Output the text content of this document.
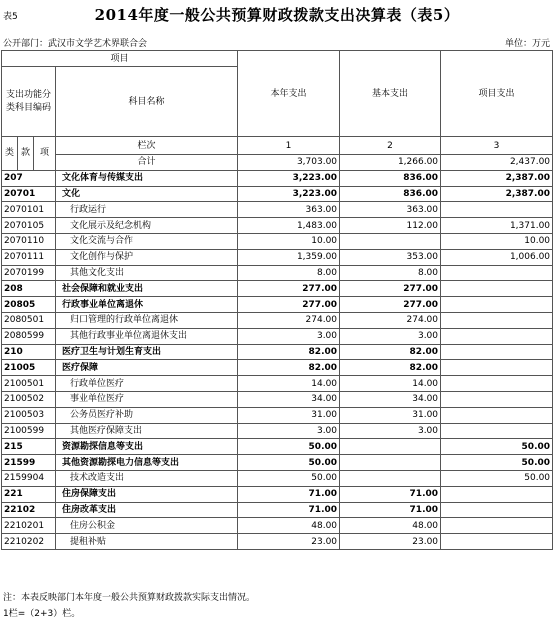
表5	2014年度一般公共预算财政拨款支出决算表（表5）
公开部门：武汉市文学艺术界联合会	单位：万元
项目				本年支出	基本支出	项目支出
支出功能分类科目编码			科目名称			
类	款	项	栏次	1	2	3
			合计	3,703.00	1,266.00	2,437.00
207			文化体育与传媒支出	3,223.00	836.00	2,387.00
20701			文化	3,223.00	836.00	2,387.00
2070101			行政运行	363.00	363.00	
2070105			文化展示及纪念机构	1,483.00	112.00	1,371.00
2070110			文化交流与合作	10.00		10.00
2070111			文化创作与保护	1,359.00	353.00	1,006.00
2070199			其他文化支出	8.00	8.00	
208			社会保障和就业支出	277.00	277.00	
20805			行政事业单位离退休	277.00	277.00	
2080501			归口管理的行政单位离退休	274.00	274.00	
2080599			其他行政事业单位离退休支出	3.00	3.00	
210			医疗卫生与计划生育支出	82.00	82.00	
21005			医疗保障	82.00	82.00	
2100501			行政单位医疗	14.00	14.00	
2100502			事业单位医疗	34.00	34.00	
2100503			公务员医疗补助	31.00	31.00	
2100599			其他医疗保障支出	3.00	3.00	
215			资源勘探信息等支出	50.00		50.00
21599			其他资源勘探电力信息等支出	50.00		50.00
2159904			技术改造支出	50.00		50.00
221			住房保障支出	71.00	71.00	
22102			住房改革支出	71.00	71.00	
2210201			住房公积金	48.00	48.00	
2210202			提租补贴	23.00	23.00	
注：本表反映部门本年度一般公共预算财政拨款实际支出情况。
1栏=（2+3）栏。
